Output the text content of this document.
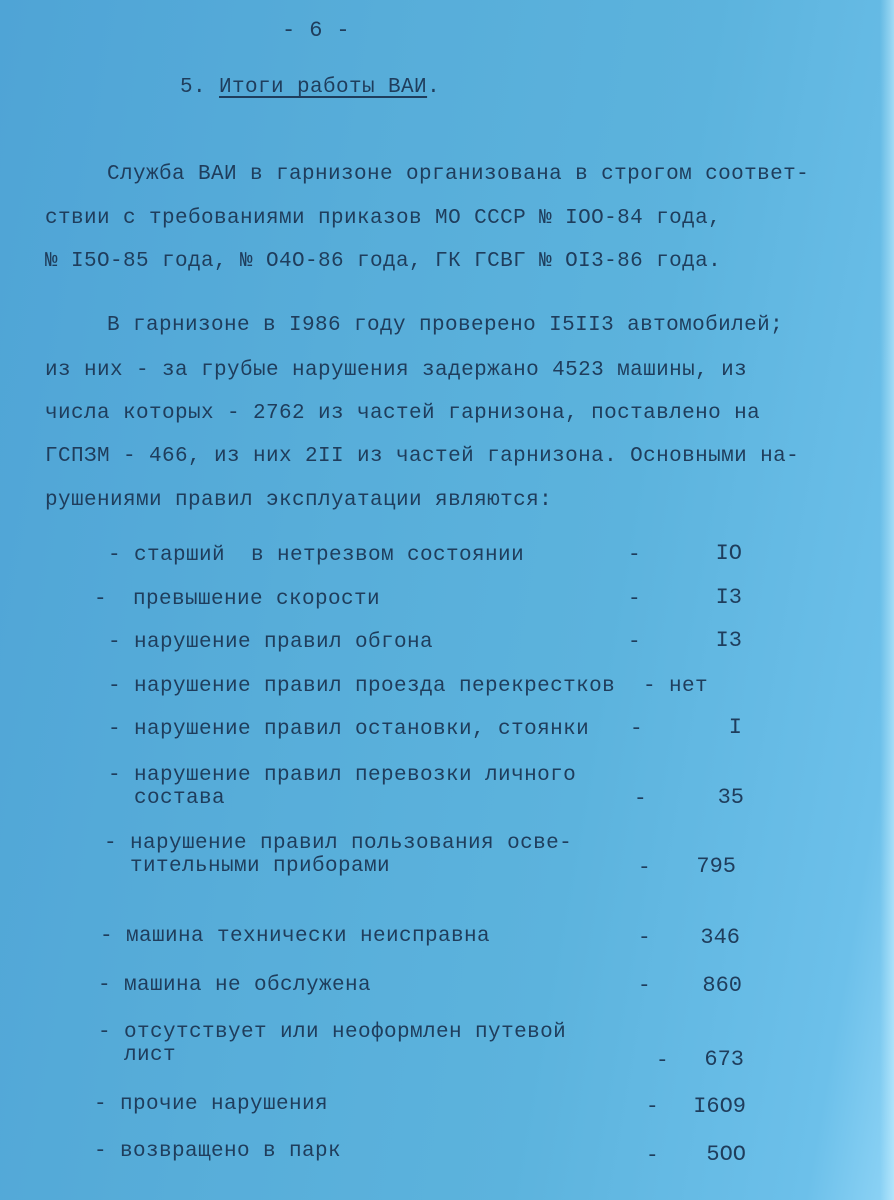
- 6 -
5. Итоги работы ВАИ.
Служба ВАИ в гарнизоне организована в строгом соответ-
ствии с требованиями приказов МО СССР № IOO-84 года,
№ I5O-85 года, № O4O-86 года, ГК ГСВГ № OI3-86 года.
В гарнизоне в I986 году проверено I5II3 автомобилей;
из них - за грубые нарушения задержано 4523 машины, из
числа которых - 2762 из частей гарнизона, поставлено на
ГСПЗМ - 466, из них 2II из частей гарнизона. Основными на-
рушениями правил эксплуатации являются:
- старший  в нетрезвом состоянии	-	IO
-  превышение скорости	-	I3
- нарушение правил обгона	-	I3
- нарушение правил проезда перекрестков - нет
- нарушение правил остановки, стоянки -	I
- нарушение правил перевозки личного
состава	-	35
- нарушение правил пользования осве-
тительными приборами	-	795
- машина технически неисправна	-	346
- машина не обслужена	-	860
- отсутствует или неоформлен путевой
лист	-	673
- прочие нарушения	-	I6O9
- возвращено в парк	-	5OO
